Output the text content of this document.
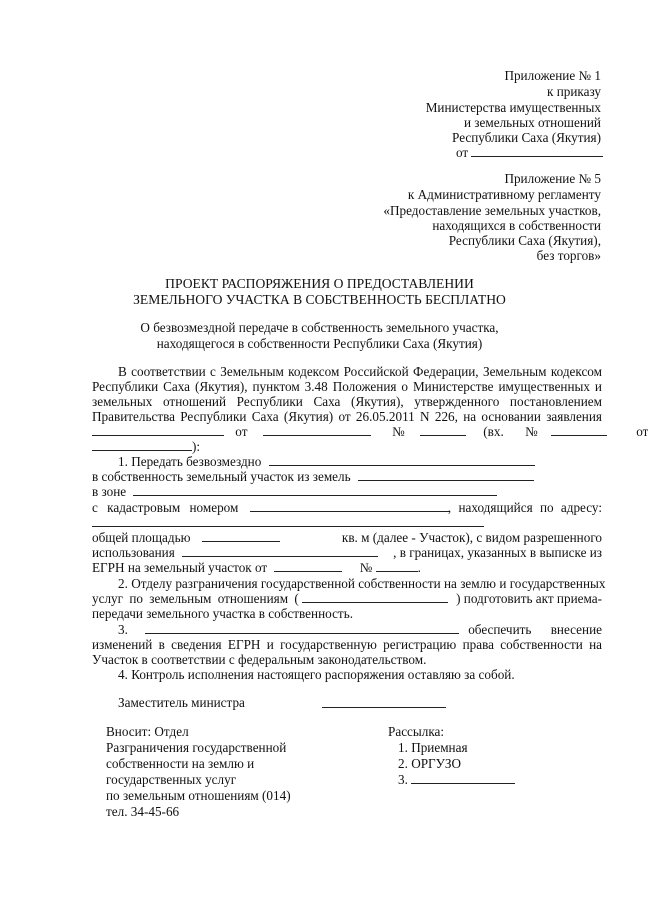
Приложение № 1
к приказу
Министерства имущественных
и земельных отношений
Республики Саха (Якутия)
от
Приложение № 5
к Административному регламенту
«Предоставление земельных участков,
находящихся в собственности
Республики Саха (Якутия),
без торгов»
ПРОЕКТ РАСПОРЯЖЕНИЯ О ПРЕДОСТАВЛЕНИИ
ЗЕМЕЛЬНОГО УЧАСТКА В СОБСТВЕННОСТЬ БЕСПЛАТНО
О безвозмездной передаче в собственность земельного участка,
находящегося в собственности Республики Саха (Якутия)
В соответствии с Земельным кодексом Российской Федерации, Земельным кодексом
Республики Саха (Якутия), пунктом 3.48 Положения о Министерстве имущественных и
земельных отношений Республики Саха (Якутия), утвержденного постановлением
Правительства Республики Саха (Якутия) от 26.05.2011 N 226, на основании заявления
от	№	(вх. №	от
):
1. Передать безвозмездно
в собственность земельный участок из земель
в зоне
с кадастровым номером	, находящийся по адресу:
общей площадью	кв. м (далее - Участок), с видом разрешенного
использования	, в границах, указанных в выписке из
ЕГРН на земельный участок от	№	.
2. Отделу разграничения государственной собственности на землю и государственных
услуг по земельным отношениям (	) подготовить акт приема-
передачи земельного участка в собственность.
3.	обеспечить внесение
изменений в сведения ЕГРН и государственную регистрацию права собственности на
Участок в соответствии с федеральным законодательством.
4. Контроль исполнения настоящего распоряжения оставляю за собой.
Заместитель министра
Вносит: Отдел
Разграничения государственной
собственности на землю и
государственных услуг
по земельным отношениям (014)
тел. 34-45-66
Рассылка:
1. Приемная
2. ОРГУЗО
3.
